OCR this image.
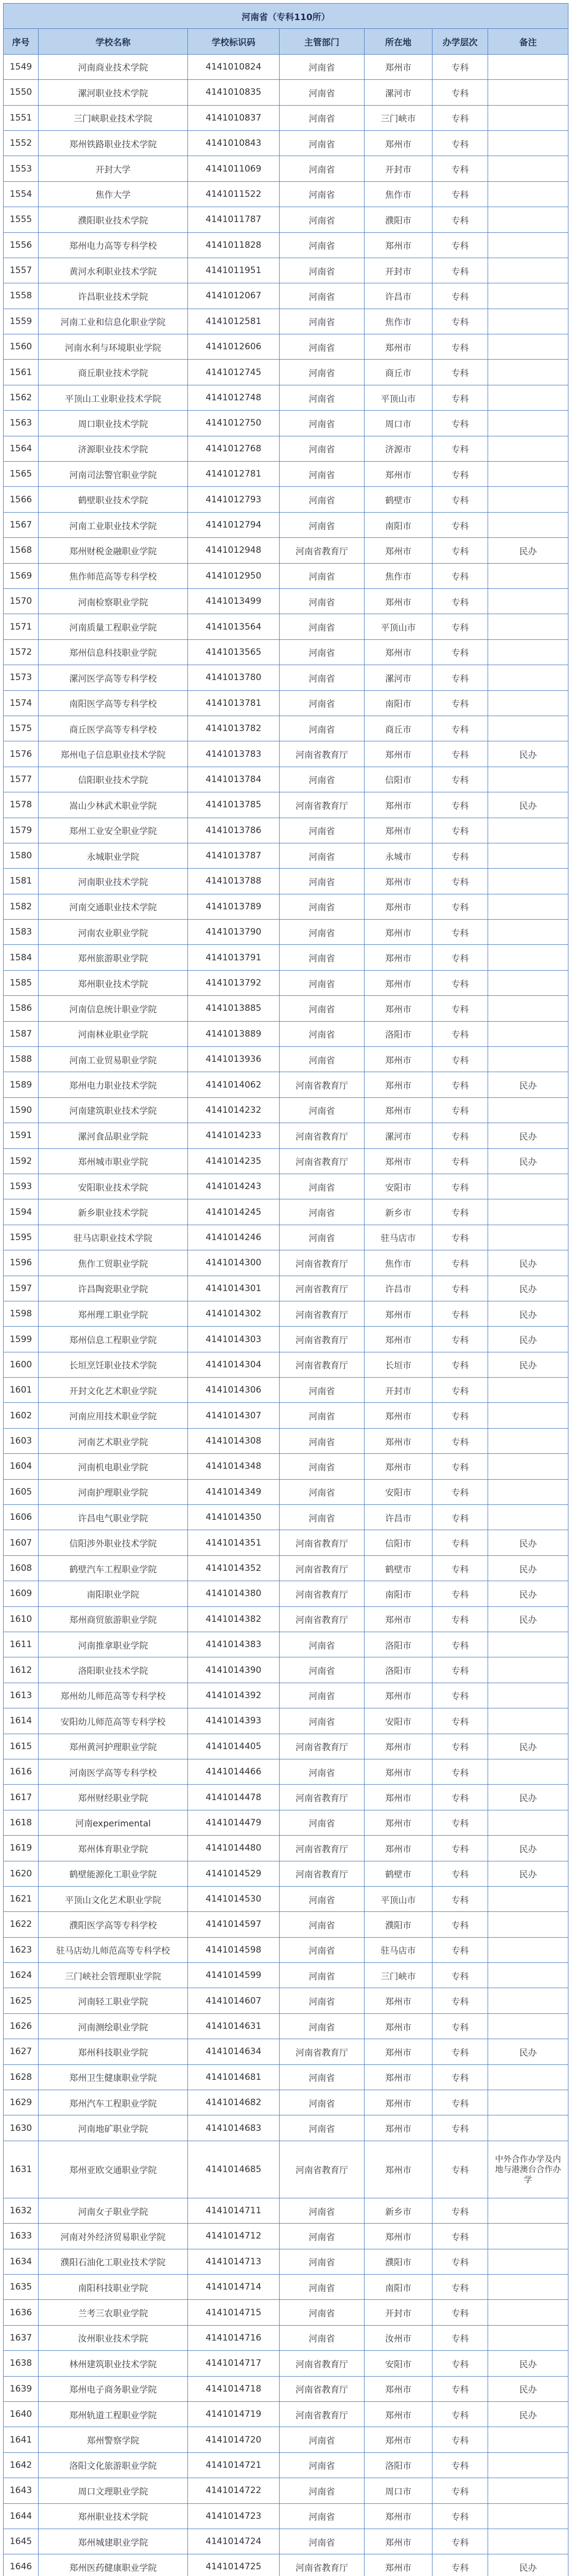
河南省（专科110所）						
序号	学校名称	学校标识码	主管部门	所在地	办学层次	备注
1549	河南商业技术学院	4141010824	河南省	郑州市	专科	
1550	漯河职业技术学院	4141010835	河南省	漯河市	专科	
1551	三门峡职业技术学院	4141010837	河南省	三门峡市	专科	
1552	郑州铁路职业技术学院	4141010843	河南省	郑州市	专科	
1553	开封大学	4141011069	河南省	开封市	专科	
1554	焦作大学	4141011522	河南省	焦作市	专科	
1555	濮阳职业技术学院	4141011787	河南省	濮阳市	专科	
1556	郑州电力高等专科学校	4141011828	河南省	郑州市	专科	
1557	黄河水利职业技术学院	4141011951	河南省	开封市	专科	
1558	许昌职业技术学院	4141012067	河南省	许昌市	专科	
1559	河南工业和信息化职业学院	4141012581	河南省	焦作市	专科	
1560	河南水利与环境职业学院	4141012606	河南省	郑州市	专科	
1561	商丘职业技术学院	4141012745	河南省	商丘市	专科	
1562	平顶山工业职业技术学院	4141012748	河南省	平顶山市	专科	
1563	周口职业技术学院	4141012750	河南省	周口市	专科	
1564	济源职业技术学院	4141012768	河南省	济源市	专科	
1565	河南司法警官职业学院	4141012781	河南省	郑州市	专科	
1566	鹤壁职业技术学院	4141012793	河南省	鹤壁市	专科	
1567	河南工业职业技术学院	4141012794	河南省	南阳市	专科	
1568	郑州财税金融职业学院	4141012948	河南省教育厅	郑州市	专科	民办
1569	焦作师范高等专科学校	4141012950	河南省	焦作市	专科	
1570	河南检察职业学院	4141013499	河南省	郑州市	专科	
1571	河南质量工程职业学院	4141013564	河南省	平顶山市	专科	
1572	郑州信息科技职业学院	4141013565	河南省	郑州市	专科	
1573	漯河医学高等专科学校	4141013780	河南省	漯河市	专科	
1574	南阳医学高等专科学校	4141013781	河南省	南阳市	专科	
1575	商丘医学高等专科学校	4141013782	河南省	商丘市	专科	
1576	郑州电子信息职业技术学院	4141013783	河南省教育厅	郑州市	专科	民办
1577	信阳职业技术学院	4141013784	河南省	信阳市	专科	
1578	嵩山少林武术职业学院	4141013785	河南省教育厅	郑州市	专科	民办
1579	郑州工业安全职业学院	4141013786	河南省	郑州市	专科	
1580	永城职业学院	4141013787	河南省	永城市	专科	
1581	河南职业技术学院	4141013788	河南省	郑州市	专科	
1582	河南交通职业技术学院	4141013789	河南省	郑州市	专科	
1583	河南农业职业学院	4141013790	河南省	郑州市	专科	
1584	郑州旅游职业学院	4141013791	河南省	郑州市	专科	
1585	郑州职业技术学院	4141013792	河南省	郑州市	专科	
1586	河南信息统计职业学院	4141013885	河南省	郑州市	专科	
1587	河南林业职业学院	4141013889	河南省	洛阳市	专科	
1588	河南工业贸易职业学院	4141013936	河南省	郑州市	专科	
1589	郑州电力职业技术学院	4141014062	河南省教育厅	郑州市	专科	民办
1590	河南建筑职业技术学院	4141014232	河南省	郑州市	专科	
1591	漯河食品职业学院	4141014233	河南省教育厅	漯河市	专科	民办
1592	郑州城市职业学院	4141014235	河南省教育厅	郑州市	专科	民办
1593	安阳职业技术学院	4141014243	河南省	安阳市	专科	
1594	新乡职业技术学院	4141014245	河南省	新乡市	专科	
1595	驻马店职业技术学院	4141014246	河南省	驻马店市	专科	
1596	焦作工贸职业学院	4141014300	河南省教育厅	焦作市	专科	民办
1597	许昌陶瓷职业学院	4141014301	河南省教育厅	许昌市	专科	民办
1598	郑州理工职业学院	4141014302	河南省教育厅	郑州市	专科	民办
1599	郑州信息工程职业学院	4141014303	河南省教育厅	郑州市	专科	民办
1600	长垣烹饪职业技术学院	4141014304	河南省教育厅	长垣市	专科	民办
1601	开封文化艺术职业学院	4141014306	河南省	开封市	专科	
1602	河南应用技术职业学院	4141014307	河南省	郑州市	专科	
1603	河南艺术职业学院	4141014308	河南省	郑州市	专科	
1604	河南机电职业学院	4141014348	河南省	郑州市	专科	
1605	河南护理职业学院	4141014349	河南省	安阳市	专科	
1606	许昌电气职业学院	4141014350	河南省	许昌市	专科	
1607	信阳涉外职业技术学院	4141014351	河南省教育厅	信阳市	专科	民办
1608	鹤壁汽车工程职业学院	4141014352	河南省教育厅	鹤壁市	专科	民办
1609	南阳职业学院	4141014380	河南省教育厅	南阳市	专科	民办
1610	郑州商贸旅游职业学院	4141014382	河南省教育厅	郑州市	专科	民办
1611	河南推拿职业学院	4141014383	河南省	洛阳市	专科	
1612	洛阳职业技术学院	4141014390	河南省	洛阳市	专科	
1613	郑州幼儿师范高等专科学校	4141014392	河南省	郑州市	专科	
1614	安阳幼儿师范高等专科学校	4141014393	河南省	安阳市	专科	
1615	郑州黄河护理职业学院	4141014405	河南省教育厅	郑州市	专科	民办
1616	河南医学高等专科学校	4141014466	河南省	郑州市	专科	
1617	郑州财经职业学院	4141014478	河南省教育厅	郑州市	专科	民办
1618	河南experimental	4141014479	河南省	郑州市	专科	
1619	郑州体育职业学院	4141014480	河南省教育厅	郑州市	专科	民办
1620	鹤壁能源化工职业学院	4141014529	河南省教育厅	鹤壁市	专科	民办
1621	平顶山文化艺术职业学院	4141014530	河南省	平顶山市	专科	
1622	濮阳医学高等专科学校	4141014597	河南省	濮阳市	专科	
1623	驻马店幼儿师范高等专科学校	4141014598	河南省	驻马店市	专科	
1624	三门峡社会管理职业学院	4141014599	河南省	三门峡市	专科	
1625	河南轻工职业学院	4141014607	河南省	郑州市	专科	
1626	河南测绘职业学院	4141014631	河南省	郑州市	专科	
1627	郑州科技职业学院	4141014634	河南省教育厅	郑州市	专科	民办
1628	郑州卫生健康职业学院	4141014681	河南省	郑州市	专科	
1629	郑州汽车工程职业学院	4141014682	河南省	郑州市	专科	
1630	河南地矿职业学院	4141014683	河南省	郑州市	专科	
1631	郑州亚欧交通职业学院	4141014685	河南省教育厅	郑州市	专科	中外合作办学及内地与港澳台合作办学
1632	河南女子职业学院	4141014711	河南省	新乡市	专科	
1633	河南对外经济贸易职业学院	4141014712	河南省	郑州市	专科	
1634	濮阳石油化工职业技术学院	4141014713	河南省	濮阳市	专科	
1635	南阳科技职业学院	4141014714	河南省	南阳市	专科	
1636	兰考三农职业学院	4141014715	河南省	开封市	专科	
1637	汝州职业技术学院	4141014716	河南省	汝州市	专科	
1638	林州建筑职业技术学院	4141014717	河南省教育厅	安阳市	专科	民办
1639	郑州电子商务职业学院	4141014718	河南省教育厅	郑州市	专科	民办
1640	郑州轨道工程职业学院	4141014719	河南省教育厅	郑州市	专科	民办
1641	郑州警察学院	4141014720	河南省	郑州市	专科	
1642	洛阳文化旅游职业学院	4141014721	河南省	洛阳市	专科	
1643	周口文理职业学院	4141014722	河南省	周口市	专科	
1644	郑州职业技术学院	4141014723	河南省	郑州市	专科	
1645	郑州城建职业学院	4141014724	河南省	郑州市	专科	
1646	郑州医药健康职业学院	4141014725	河南省教育厅	郑州市	专科	民办
